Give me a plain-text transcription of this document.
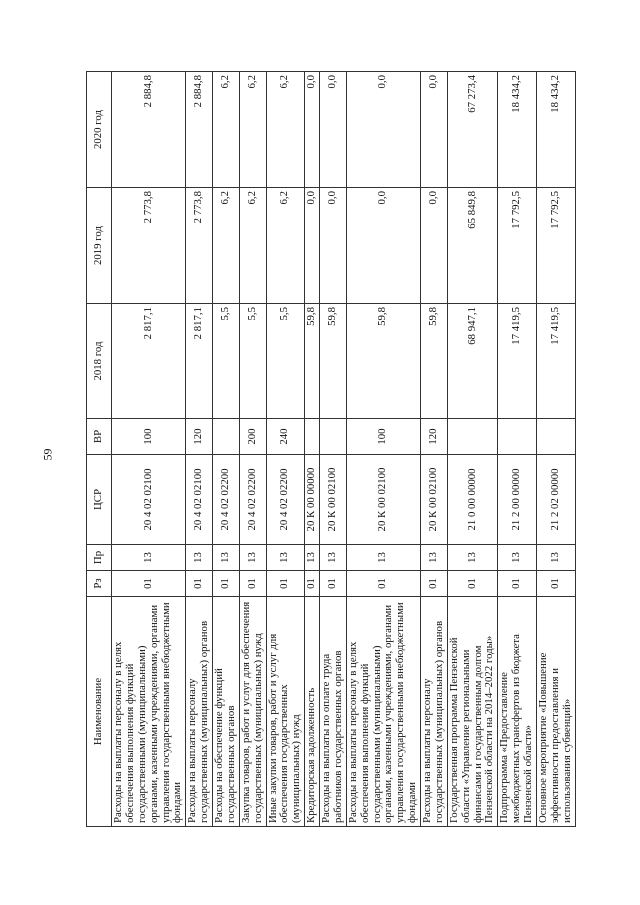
59
Наименование	Рз	Пр	ЦСР	ВР	2018 год	2019 год	2020 год
Расходы на выплаты персоналу в целях обеспечения выполнения функций государственными (муниципальными) органами, казенными учреждениями, органами управления государственными внебюджетными фондами	01	13	20 4 02 02100	100	2 817,1	2 773,8	2 884,8
Расходы на выплаты персоналу государственных (муниципальных) органов	01	13	20 4 02 02100	120	2 817,1	2 773,8	2 884,8
Расходы на обеспечение функций государственных органов	01	13	20 4 02 02200		5,5	6,2	6,2
Закупка товаров, работ и услуг для обеспечения государственных (муниципальных) нужд	01	13	20 4 02 02200	200	5,5	6,2	6,2
Иные закупки товаров, работ и услуг для обеспечения государственных (муниципальных) нужд	01	13	20 4 02 02200	240	5,5	6,2	6,2
Кредиторская задолженность	01	13	20 К 00 00000		59,8	0,0	0,0
Расходы на выплаты по оплате труда работников государственных органов	01	13	20 К 00 02100		59,8	0,0	0,0
Расходы на выплаты персоналу в целях обеспечения выполнения функций государственными (муниципальными) органами, казенными учреждениями, органами управления государственными внебюджетными фондами	01	13	20 К 00 02100	100	59,8	0,0	0,0
Расходы на выплаты персоналу государственных (муниципальных) органов	01	13	20 К 00 02100	120	59,8	0,0	0,0
Государственная программа Пензенской области «Управление региональными финансами и государственным долгом Пензенской области на 2014–2022 годы»	01	13	21 0 00 00000		68 947,1	65 849,8	67 273,4
Подпрограмма «Предоставление межбюджетных трансфертов из бюджета Пензенской области»	01	13	21 2 00 00000		17 419,5	17 792,5	18 434,2
Основное мероприятие «Повышение эффективности предоставления и использования субвенций»	01	13	21 2 02 00000		17 419,5	17 792,5	18 434,2
